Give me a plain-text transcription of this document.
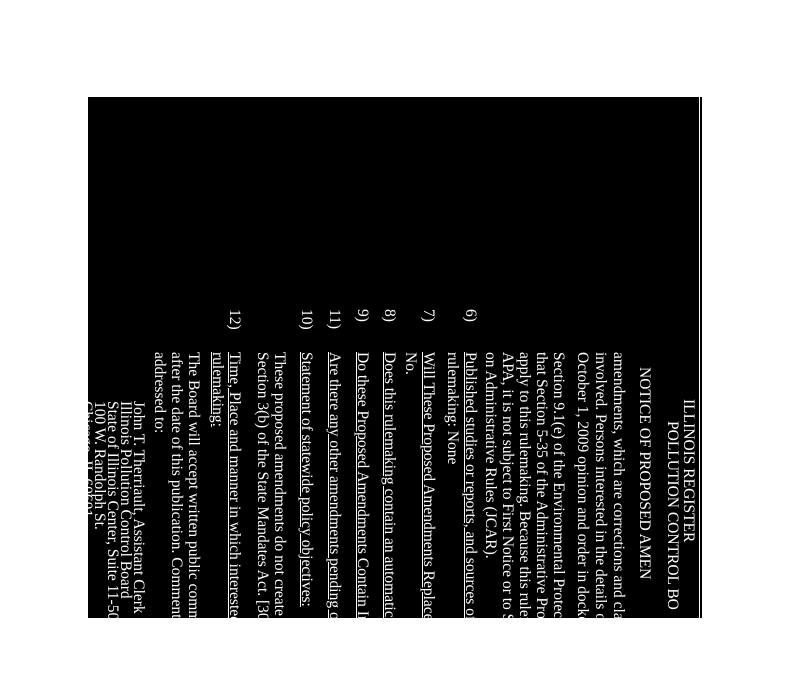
ILLINOIS REGISTER
POLLUTION CONTROL BO
NOTICE OF PROPOSED AMEN
amendments, which are corrections and clarifications
involved. Persons interested in the details of these te
October 1, 2009 opinion and order in docket R10-7.
Section 9.1(e) of the Environmental Protection Act [4
that Section 5-35 of the Administrative Procedure Ac
apply to this rulemaking. Because this rulemaking is
APA, it is not subject to First Notice or to Second No
on Administrative Rules (JCAR).
6)
Published studies or reports, and sources of underlyin
rulemaking: None
7)
Will These Proposed Amendments Replace Emergenc
No.
8)
Does this rulemaking contain an automatic repeal date
9)
Do these Proposed Amendments Contain Incorporatio
11)
Are there any other amendments pending on this Part?
10)
Statement of statewide policy objectives:
These proposed amendments do not create or enlarge
Section 3(b) of the State Mandates Act. [30 ILCS 80
12)
Time, Place and manner in which interested persons m
rulemaking:
The Board will accept written public comment on this
after the date of this publication. Comments should r
addressed to:
John T. Therriault, Assistant Clerk
Illinois Pollution Control Board
State of Illinois Center, Suite 11-500
100 W. Randolph St.
Chicago, IL 60601
